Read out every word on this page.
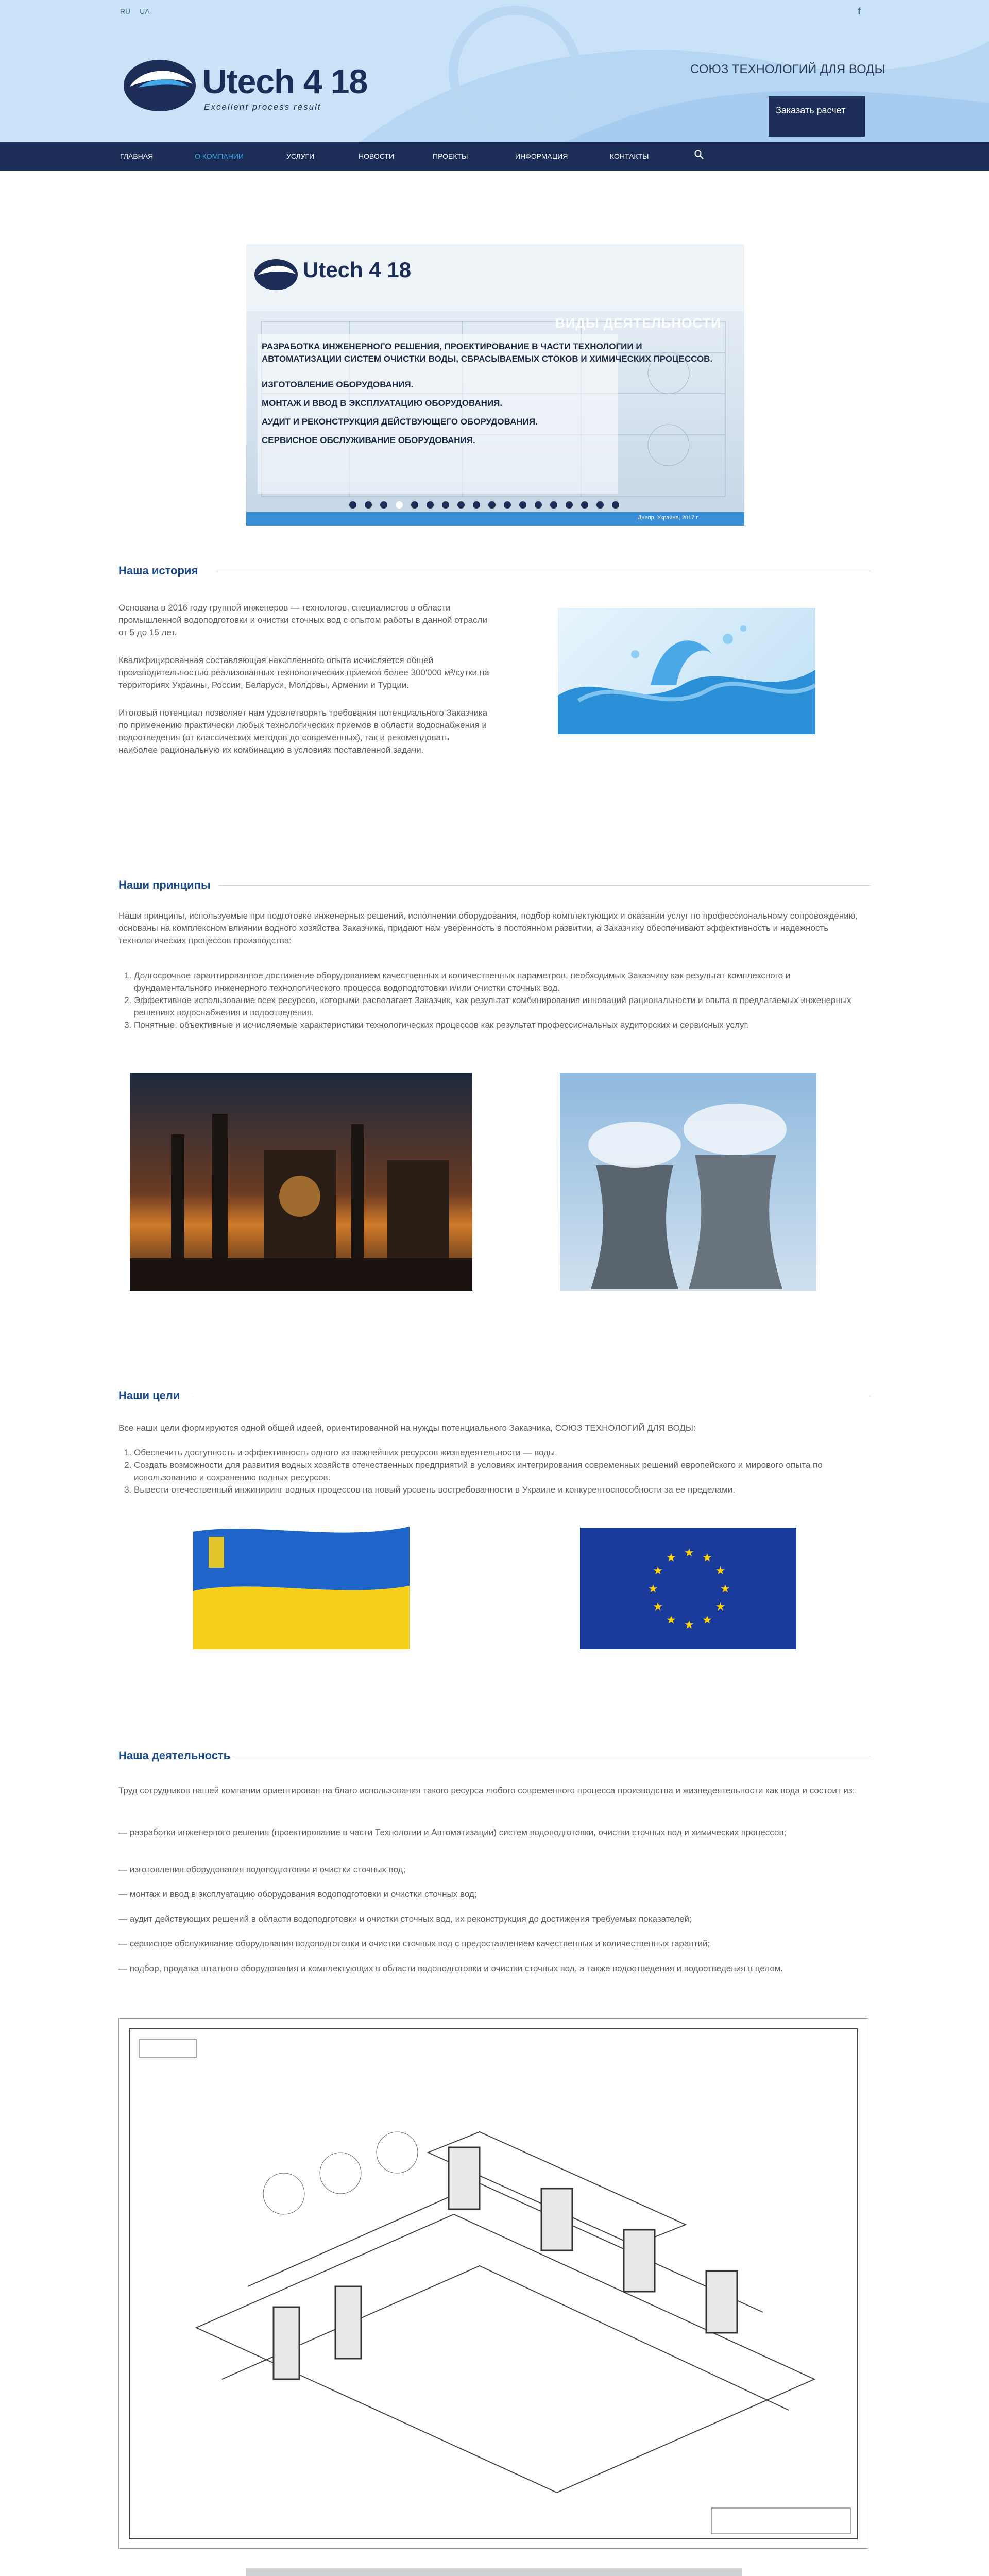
RU UA	f
Utech 4 18
Excellent process result
СОЮЗ ТЕХНОЛОГИЙ ДЛЯ ВОДЫ
Заказать расчет
ГЛАВНАЯ	О КОМПАНИИ	УСЛУГИ	НОВОСТИ	ПРОЕКТЫ	ИНФОРМАЦИЯ	КОНТАКТЫ
Utech 4 18
ВИДЫ ДЕЯТЕЛЬНОСТИ
РАЗРАБОТКА ИНЖЕНЕРНОГО РЕШЕНИЯ, ПРОЕКТИРОВАНИЕ В ЧАСТИ ТЕХНОЛОГИИ И
АВТОМАТИЗАЦИИ СИСТЕМ ОЧИСТКИ ВОДЫ, СБРАСЫВАЕМЫХ СТОКОВ И ХИМИЧЕСКИХ ПРОЦЕССОВ.
ИЗГОТОВЛЕНИЕ ОБОРУДОВАНИЯ.
МОНТАЖ И ВВОД В ЭКСПЛУАТАЦИЮ ОБОРУДОВАНИЯ.
АУДИТ И РЕКОНСТРУКЦИЯ ДЕЙСТВУЮЩЕГО ОБОРУДОВАНИЯ.
СЕРВИСНОЕ ОБСЛУЖИВАНИЕ ОБОРУДОВАНИЯ.
Днепр, Украина, 2017 г.
Наша история
Основана в 2016 году группой инженеров — технологов, специалистов в области промышленной водоподготовки и очистки сточных вод с опытом работы в данной отрасли от 5 до 15 лет.
Квалифицированная составляющая накопленного опыта исчисляется общей производительностью реализованных технологических приемов более 300'000 м³/сутки на территориях Украины, России, Беларуси, Молдовы, Армении и Турции.
Итоговый потенциал позволяет нам удовлетворять требования потенциального Заказчика по применению практически любых технологических приемов в области водоснабжения и водоотведения (от классических методов до современных), так и рекомендовать наиболее рациональную их комбинацию в условиях поставленной задачи.
Наши принципы
Наши принципы, используемые при подготовке инженерных решений, исполнении оборудования, подбор комплектующих и оказании услуг по профессиональному сопровождению, основаны на комплексном влиянии водного хозяйства Заказчика, придают нам уверенность в постоянном развитии, а Заказчику обеспечивают эффективность и надежность технологических процессов производства:
1. Долгосрочное гарантированное достижение оборудованием качественных и количественных параметров, необходимых Заказчику как результат комплексного и фундаментального инженерного технологического процесса водоподготовки и/или очистки сточных вод.
2. Эффективное использование всех ресурсов, которыми располагает Заказчик, как результат комбинирования инноваций рациональности и опыта в предлагаемых инженерных решениях водоснабжения и водоотведения.
3. Понятные, объективные и исчисляемые характеристики технологических процессов как результат профессиональных аудиторских и сервисных услуг.
Наши цели
Все наши цели формируются одной общей идеей, ориентированной на нужды потенциального Заказчика, СОЮЗ ТЕХНОЛОГИЙ ДЛЯ ВОДЫ:
1. Обеспечить доступность и эффективность одного из важнейших ресурсов жизнедеятельности — воды.
2. Создать возможности для развития водных хозяйств отечественных предприятий в условиях интегрирования современных решений европейского и мирового опыта по использованию и сохранению водных ресурсов.
3. Вывести отечественный инжиниринг водных процессов на новый уровень востребованности в Украине и конкурентоспособности за ее пределами.
★
★
★
★
★
★
★
★
★ ★ ★
★
Наша деятельность
Труд сотрудников нашей компании ориентирован на благо использования такого ресурса любого современного процесса производства и жизнедеятельности как вода и состоит из:
— разработки инженерного решения (проектирование в части Технологии и Автоматизации) систем водоподготовки, очистки сточных вод и химических процессов;
— изготовления оборудования водоподготовки и очистки сточных вод;
— монтаж и ввод в эксплуатацию оборудования водоподготовки и очистки сточных вод;
— аудит действующих решений в области водоподготовки и очистки сточных вод, их реконструкция до достижения требуемых показателей;
— сервисное обслуживание оборудования водоподготовки и очистки сточных вод с предоставлением качественных и количественных гарантий;
— подбор, продажа штатного оборудования и комплектующих в области водоподготовки и очистки сточных вод, а также водоотведения и водоотведения в целом.
